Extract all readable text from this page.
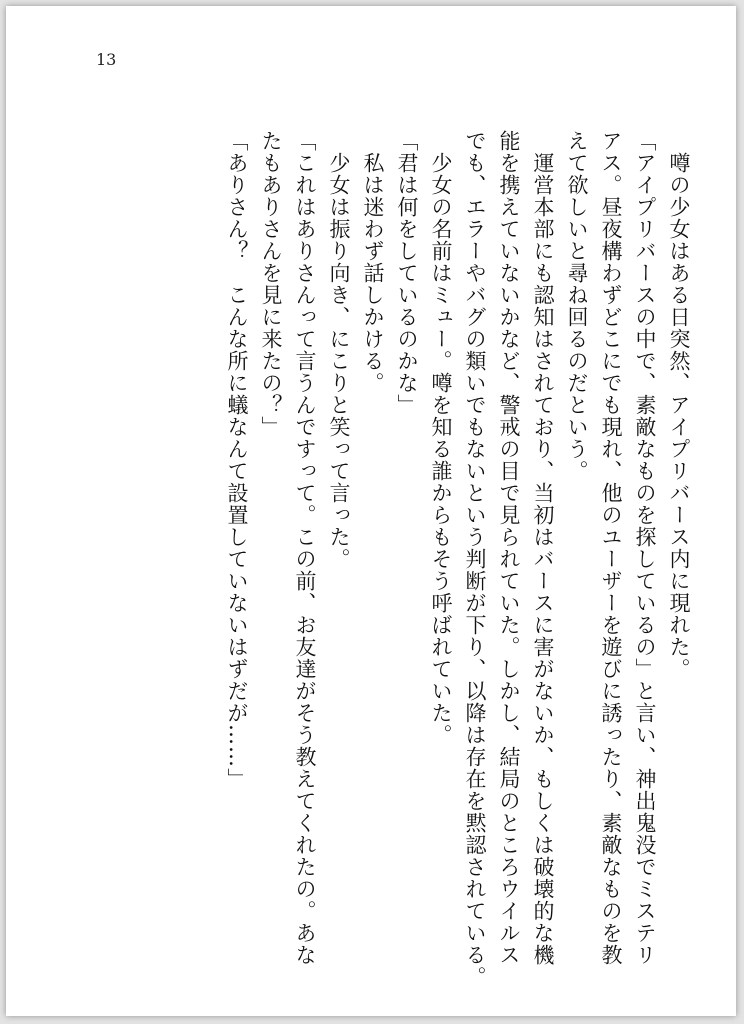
13
　噂の少女はある日突然、アイプリバース内に現れた。
「アイプリバースの中で、素敵なものを探しているの」と言い、神出鬼没でミステリ
アス。昼夜構わずどこにでも現れ、他のユーザーを遊びに誘ったり、素敵なものを教
えて欲しいと尋ね回るのだという。
　運営本部にも認知はされており、当初はバースに害がないか、もしくは破壊的な機
能を携えていないかなど、警戒の目で見られていた。しかし、結局のところウイルス
でも、エラーやバグの類いでもないという判断が下り、以降は存在を黙認されている。
　少女の名前はミュー。噂を知る誰からもそう呼ばれていた。
「君は何をしているのかな」
　私は迷わず話しかける。
　少女は振り向き、にこりと笑って言った。
「これはありさんって言うんですって。この前、お友達がそう教えてくれたの。あな
たもありさんを見に来たの？」
「ありさん？　こんな所に蟻なんて設置していないはずだが……」
